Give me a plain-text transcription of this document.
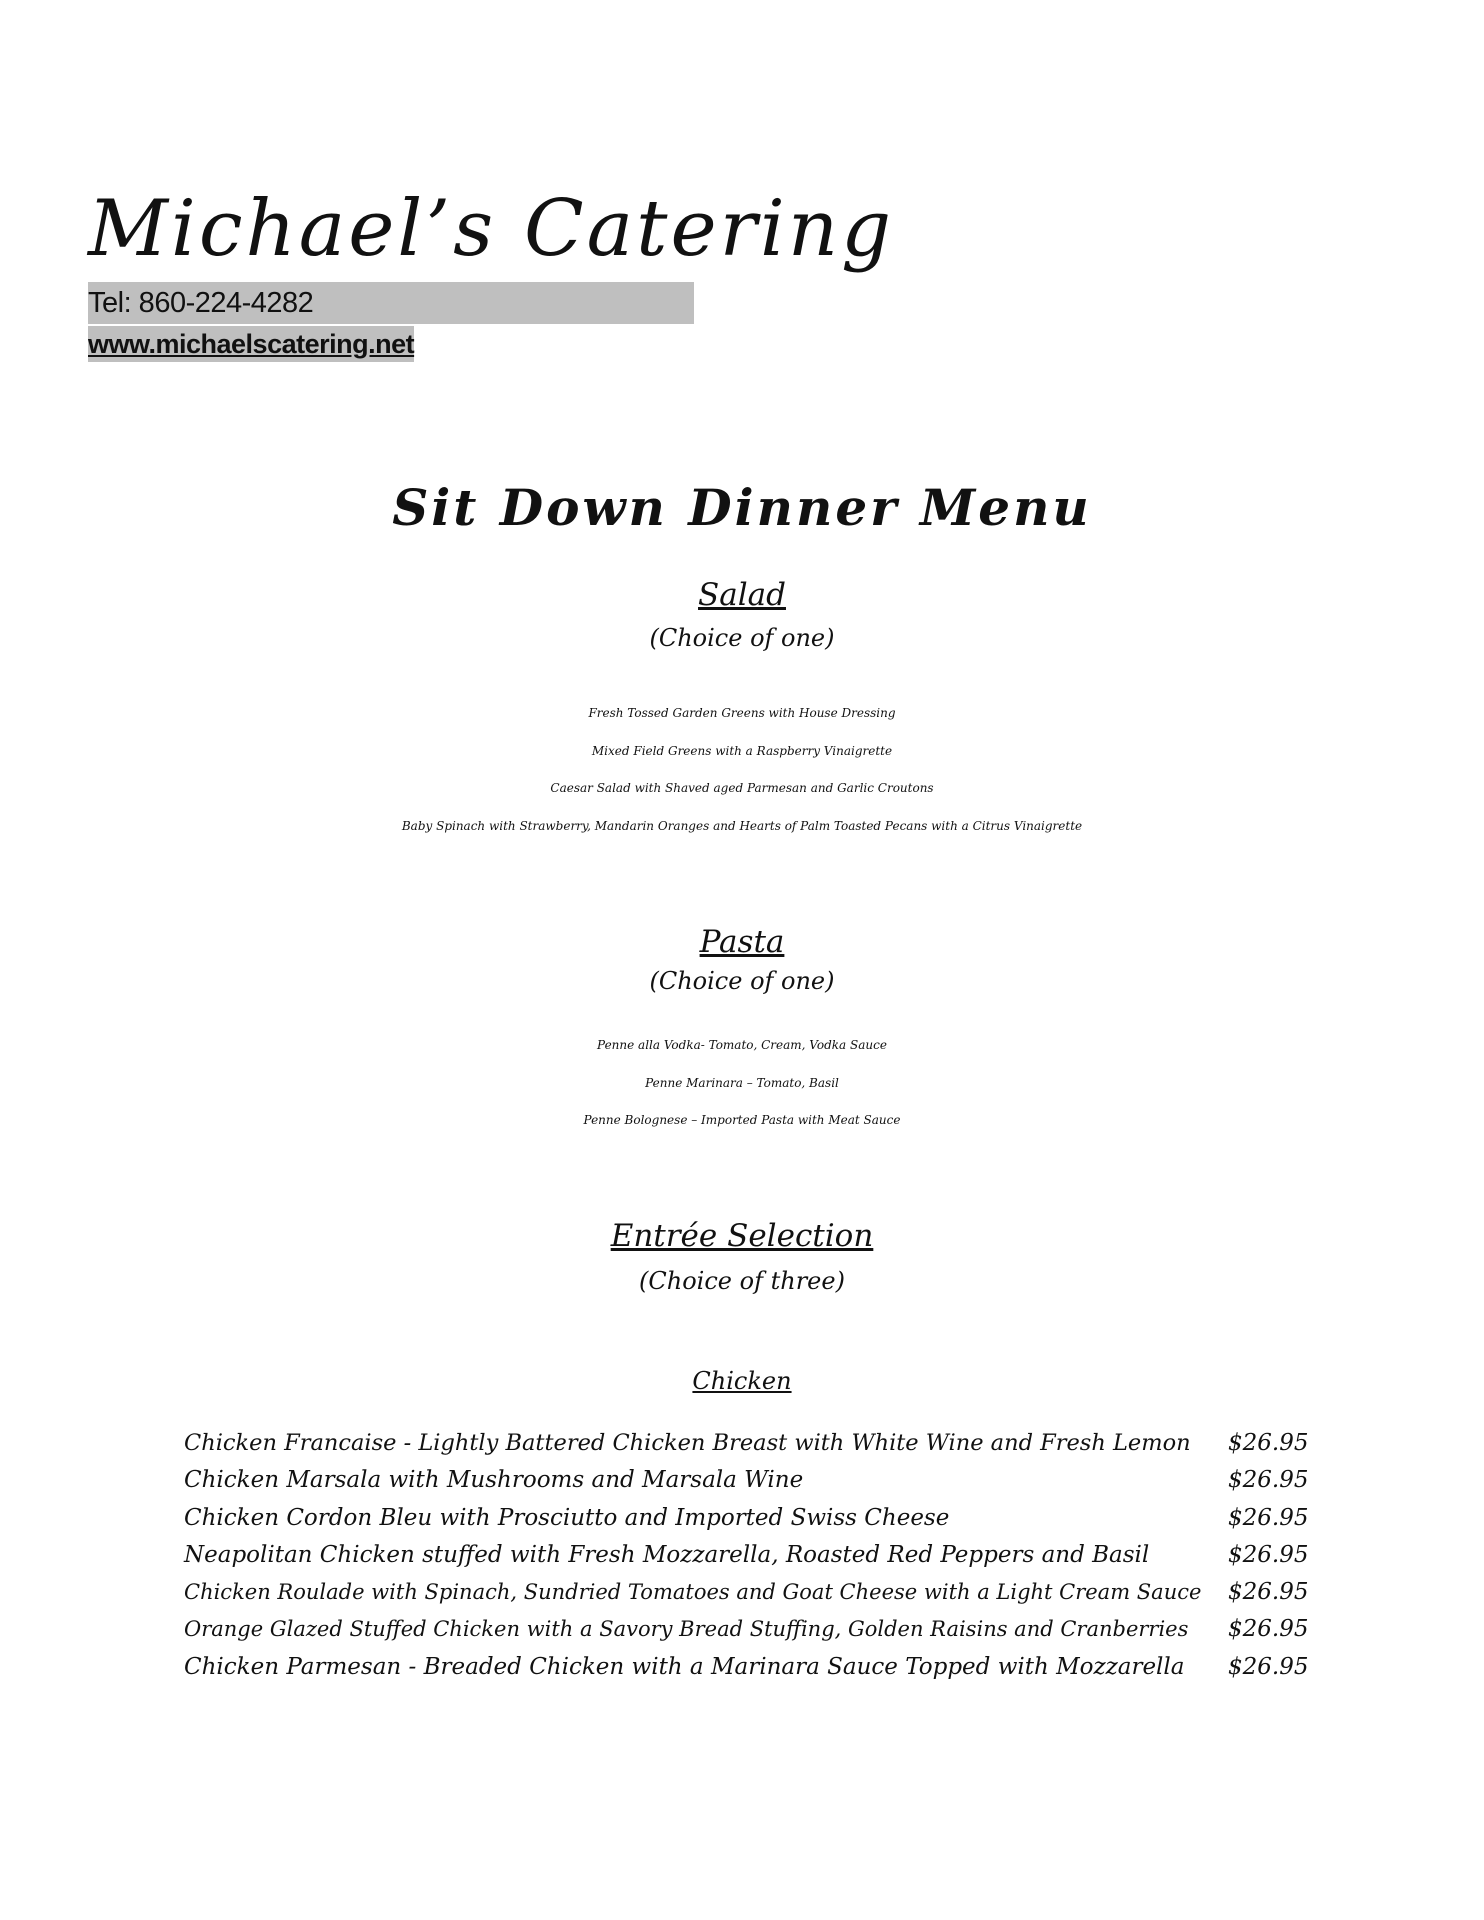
Michael’s Catering
Tel: 860-224-4282
www.michaelscatering.net
Sit Down Dinner Menu
Salad
(Choice of one)
Fresh Tossed Garden Greens with House Dressing
Mixed Field Greens with a Raspberry Vinaigrette
Caesar Salad with Shaved aged Parmesan and Garlic Croutons
Baby Spinach with Strawberry, Mandarin Oranges and Hearts of Palm Toasted Pecans with a Citrus Vinaigrette
Pasta
(Choice of one)
Penne alla Vodka- Tomato, Cream, Vodka Sauce
Penne Marinara – Tomato, Basil
Penne Bolognese – Imported Pasta with Meat Sauce
Entrée Selection
(Choice of three)
Chicken
Chicken Francaise - Lightly Battered Chicken Breast with White Wine and Fresh Lemon $26.95
Chicken Marsala with Mushrooms and Marsala Wine	$26.95
Chicken Cordon Bleu with Prosciutto and Imported Swiss Cheese	$26.95
Neapolitan Chicken stuffed with Fresh Mozzarella, Roasted Red Peppers and Basil	$26.95
Chicken Roulade with Spinach, Sundried Tomatoes and Goat Cheese with a Light Cream Sauce $26.95
Orange Glazed Stuffed Chicken with a Savory Bread Stuffing, Golden Raisins and Cranberries $26.95
Chicken Parmesan - Breaded Chicken with a Marinara Sauce Topped with Mozzarella $26.95
